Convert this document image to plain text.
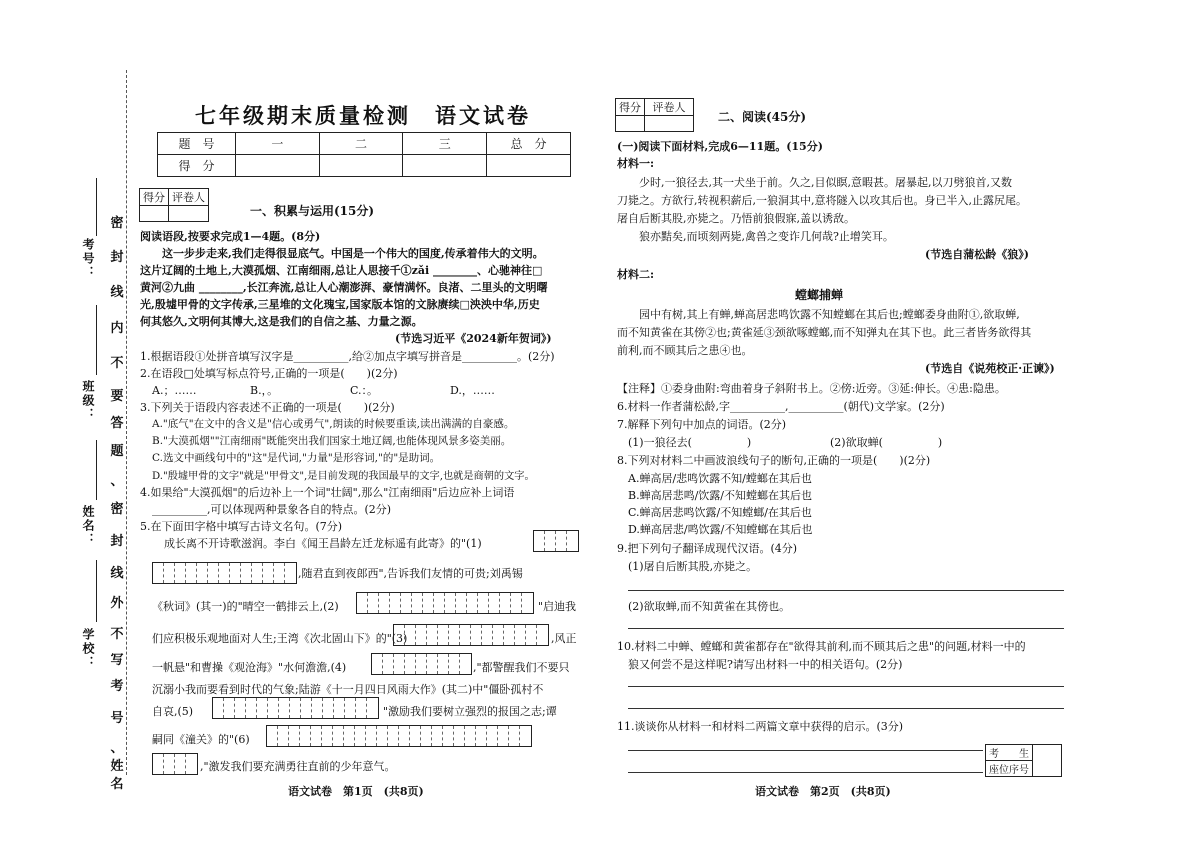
考号：
班级：
姓名：
学校：
密
封
线
内
不
要
答
题
、
密
封
线
外
不
写
考
号
、
姓
名
七年级期末质量检测　语文试卷
题　号	一	二	三	总　分
得　分				
得分	评卷人

一、积累与运用(15分)
阅读语段,按要求完成1—4题。(8分)
　　这一步步走来,我们走得很显底气。中国是一个伟大的国度,传承着伟大的文明。
这片辽阔的土地上,大漠孤烟、江南细雨,总让人思接千①zǎi ________、心驰神往□
黄河②九曲 ________,长江奔流,总让人心潮澎湃、豪情满怀。良渚、二里头的文明曙
光,殷墟甲骨的文字传承,三星堆的文化瑰宝,国家版本馆的文脉赓续□泱泱中华,历史
何其悠久,文明何其博大,这是我们的自信之基、力量之源。
(节选习近平《2024新年贺词》)
1.根据语段①处拼音填写汉字是__________,给②加点字填写拼音是__________。(2分)
2.在语段□处填写标点符号,正确的一项是(　　)(2分)
A.；……	B.，。	C.：。	D.，……
3.下列关于语段内容表述不正确的一项是(　　)(2分)
A."底气"在文中的含义是"信心或勇气",朗读的时候要重读,读出满满的自豪感。
B."大漠孤烟""江南细雨"既能突出我们国家土地辽阔,也能体现风景多姿美丽。
C.选文中画线句中的"这"是代词,"力量"是形容词,"的"是助词。
D."殷墟甲骨的文字"就是"甲骨文",是目前发现的我国最早的文字,也就是商朝的文字。
4.如果给"大漠孤烟"的后边补上一个词"壮阔",那么"江南细雨"后边应补上词语
__________,可以体现两种景象各自的特点。(2分)
5.在下面田字格中填写古诗文名句。(7分)
成长离不开诗歌滋润。李白《闻王昌龄左迁龙标遥有此寄》的"(1)
,随君直到夜郎西",告诉我们友情的可贵;刘禹锡
《秋词》(其一)的"晴空一鹤排云上,(2)	"启迪我
们应积极乐观地面对人生;王湾《次北固山下》的"(3)	,风正
一帆悬"和曹操《观沧海》"水何澹澹,(4)	,"都警醒我们不要只
沉溺小我而要看到时代的气象;陆游《十一月四日风雨大作》(其二)中"僵卧孤村不
自哀,(5)	"激励我们要树立强烈的报国之志;谭
嗣同《潼关》的"(6)
,"激发我们要充满勇往直前的少年意气。
语文试卷　第1页　(共8页)
得分	评卷人

二、阅读(45分)
(一)阅读下面材料,完成6—11题。(15分)
材料一:
　　少时,一狼径去,其一犬坐于前。久之,目似瞑,意暇甚。屠暴起,以刀劈狼首,又数
刀毙之。方欲行,转视积薪后,一狼洞其中,意将隧入以攻其后也。身已半入,止露尻尾。
屠自后断其股,亦毙之。乃悟前狼假寐,盖以诱敌。
　　狼亦黠矣,而顷刻两毙,禽兽之变诈几何哉?止增笑耳。
(节选自蒲松龄《狼》)
材料二:
螳螂捕蝉
　　园中有树,其上有蝉,蝉高居悲鸣饮露不知螳螂在其后也;螳螂委身曲附①,欲取蝉,
而不知黄雀在其傍②也;黄雀延③颈欲啄螳螂,而不知弹丸在其下也。此三者皆务欲得其
前利,而不顾其后之患④也。
(节选自《说苑校正·正谏》)
【注释】①委身曲附:弯曲着身子斜附书上。②傍:近旁。③延:伸长。④患:隐患。
6.材料一作者蒲松龄,字__________,__________(朝代)文学家。(2分)
7.解释下列句中加点的词语。(2分)
(1)一狼径去(　　　　　)	(2)欲取蝉(　　　　　)
8.下列对材料二中画波浪线句子的断句,正确的一项是(　　)(2分)
A.蝉高居/悲鸣饮露不知/螳螂在其后也
B.蝉高居悲鸣/饮露/不知螳螂在其后也
C.蝉高居悲鸣饮露/不知螳螂/在其后也
D.蝉高居悲/鸣饮露/不知螳螂在其后也
9.把下列句子翻译成现代汉语。(4分)
(1)屠自后断其股,亦毙之。
(2)欲取蝉,而不知黄雀在其傍也。
10.材料二中蝉、螳螂和黄雀都存在"欲得其前利,而不顾其后之患"的问题,材料一中的
狼又何尝不是这样呢?请写出材料一中的相关语句。(2分)
11.谈谈你从材料一和材料二两篇文章中获得的启示。(3分)
考　　生	
座位序号
语文试卷　第2页　(共8页)
